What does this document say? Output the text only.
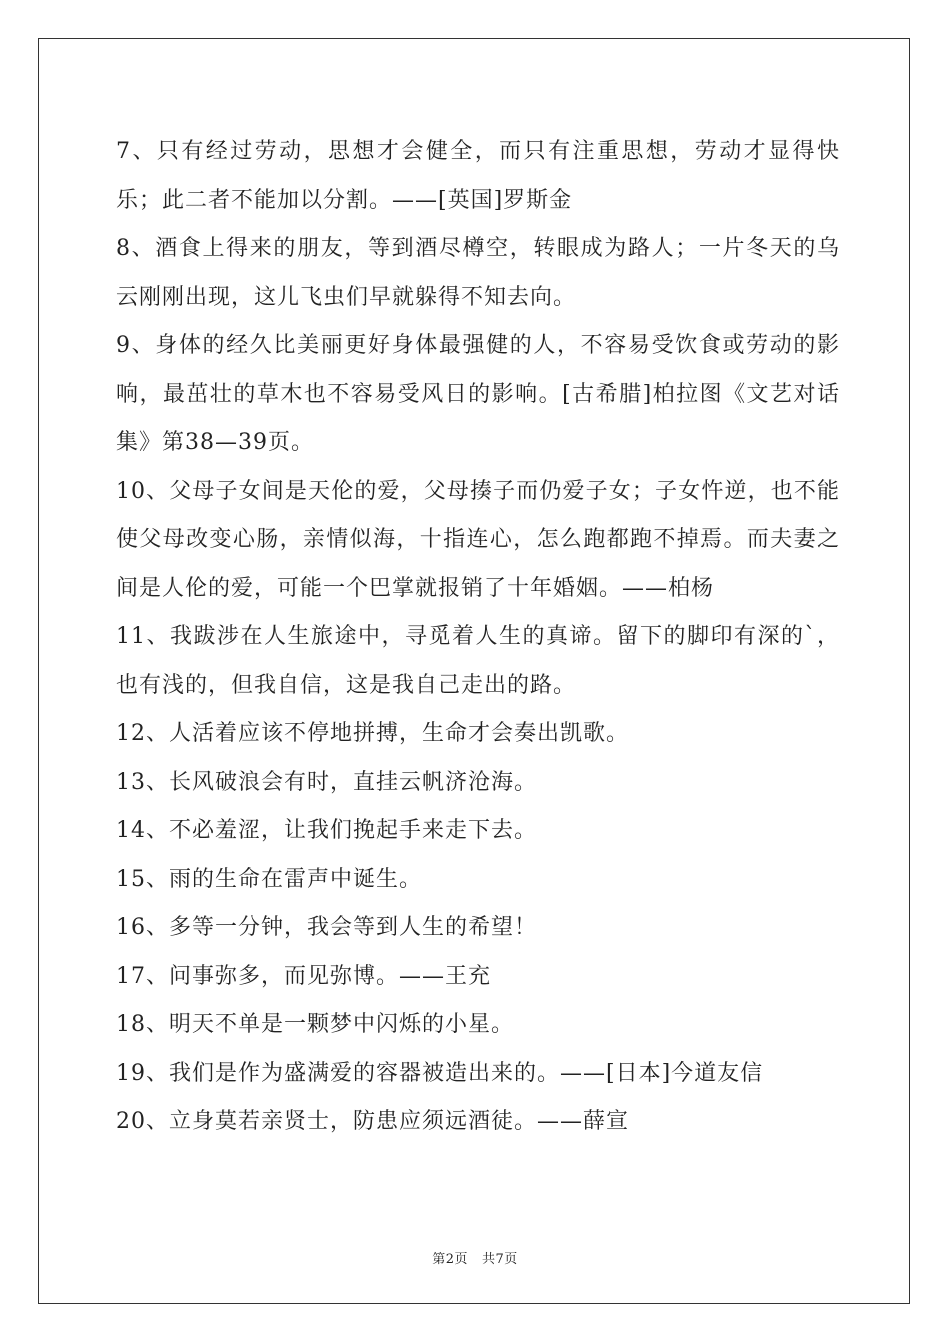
7、只有经过劳动，思想才会健全，而只有注重思想，劳动才显得快乐；此二者不能加以分割。——[英国]罗斯金

8、酒食上得来的朋友，等到酒尽樽空，转眼成为路人；一片冬天的乌云刚刚出现，这儿飞虫们早就躲得不知去向。

9、身体的经久比美丽更好身体最强健的人，不容易受饮食或劳动的影响，最茁壮的草木也不容易受风日的影响。[古希腊]柏拉图《文艺对话集》第38—39页。

10、父母子女间是天伦的爱，父母揍子而仍爱子女；子女忤逆，也不能使父母改变心肠，亲情似海，十指连心，怎么跑都跑不掉焉。而夫妻之间是人伦的爱，可能一个巴掌就报销了十年婚姻。——柏杨

11、我跋涉在人生旅途中，寻觅着人生的真谛。留下的脚印有深的`，也有浅的，但我自信，这是我自己走出的路。

12、人活着应该不停地拼搏，生命才会奏出凯歌。

13、长风破浪会有时，直挂云帆济沧海。

14、不必羞涩，让我们挽起手来走下去。

15、雨的生命在雷声中诞生。

16、多等一分钟，我会等到人生的希望！

17、问事弥多，而见弥博。——王充

18、明天不单是一颗梦中闪烁的小星。

19、我们是作为盛满爱的容器被造出来的。——[日本]今道友信

20、立身莫若亲贤士，防患应须远酒徒。——薛宣

第2页 共7页
